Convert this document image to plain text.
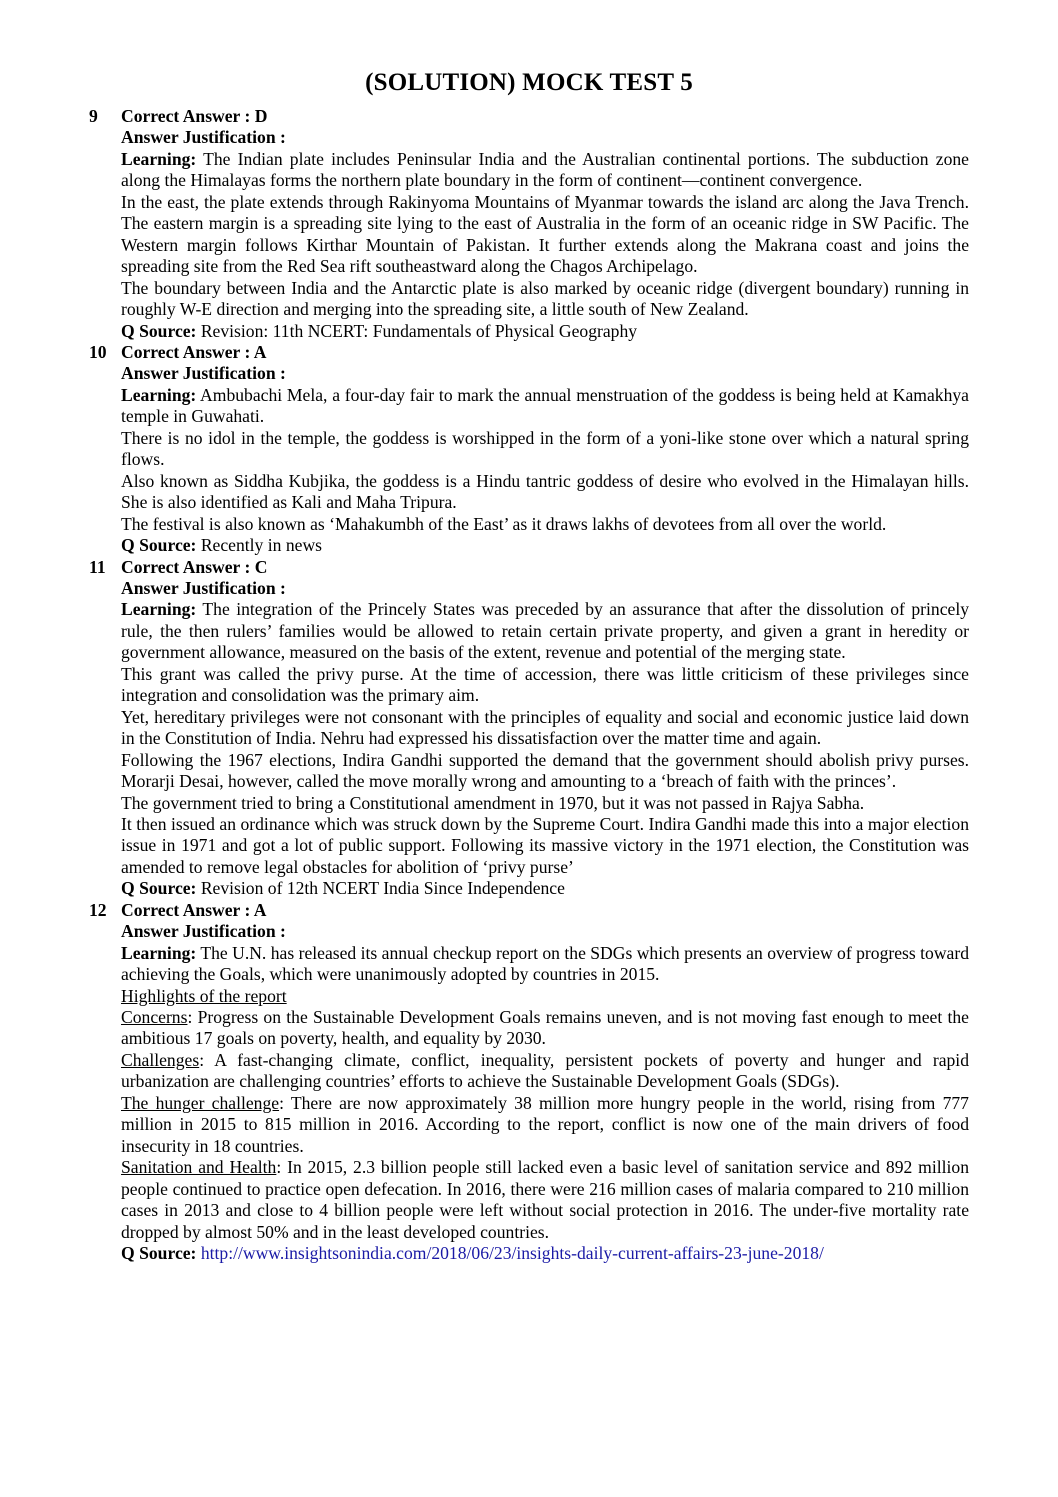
(SOLUTION) MOCK TEST 5
9	Correct Answer : D
Answer Justification :

Learning: The Indian plate includes Peninsular India and the Australian continental portions. The subduction zone along the Himalayas forms the northern plate boundary in the form of continent—continent convergence.

In the east, the plate extends through Rakinyoma Mountains of Myanmar towards the island arc along the Java Trench. The eastern margin is a spreading site lying to the east of Australia in the form of an oceanic ridge in SW Pacific. The Western margin follows Kirthar Mountain of Pakistan. It further extends along the Makrana coast and joins the spreading site from the Red Sea rift southeastward along the Chagos Archipelago.

The boundary between India and the Antarctic plate is also marked by oceanic ridge (divergent boundary) running in roughly W-E direction and merging into the spreading site, a little south of New Zealand.

Q Source: Revision: 11th NCERT: Fundamentals of Physical Geography

10 Correct Answer : A
Answer Justification :

Learning: Ambubachi Mela, a four-day fair to mark the annual menstruation of the goddess is being held at Kamakhya temple in Guwahati.

There is no idol in the temple, the goddess is worshipped in the form of a yoni-like stone over which a natural spring flows.

Also known as Siddha Kubjika, the goddess is a Hindu tantric goddess of desire who evolved in the Himalayan hills. She is also identified as Kali and Maha Tripura.

The festival is also known as ‘Mahakumbh of the East’ as it draws lakhs of devotees from all over the world.

Q Source: Recently in news

11 Correct Answer : C
Answer Justification :

Learning: The integration of the Princely States was preceded by an assurance that after the dissolution of princely rule, the then rulers’ families would be allowed to retain certain private property, and given a grant in heredity or government allowance, measured on the basis of the extent, revenue and potential of the merging state.

This grant was called the privy purse. At the time of accession, there was little criticism of these privileges since integration and consolidation was the primary aim.

Yet, hereditary privileges were not consonant with the principles of equality and social and economic justice laid down in the Constitution of India. Nehru had expressed his dissatisfaction over the matter time and again.

Following the 1967 elections, Indira Gandhi supported the demand that the government should abolish privy purses. Morarji Desai, however, called the move morally wrong and amounting to a ‘breach of faith with the princes’.

The government tried to bring a Constitutional amendment in 1970, but it was not passed in Rajya Sabha.

It then issued an ordinance which was struck down by the Supreme Court. Indira Gandhi made this into a major election issue in 1971 and got a lot of public support. Following its massive victory in the 1971 election, the Constitution was amended to remove legal obstacles for abolition of ‘privy purse’

Q Source: Revision of 12th NCERT India Since Independence

12 Correct Answer : A
Answer Justification :

Learning: The U.N. has released its annual checkup report on the SDGs which presents an overview of progress toward achieving the Goals, which were unanimously adopted by countries in 2015.

Highlights of the report

Concerns: Progress on the Sustainable Development Goals remains uneven, and is not moving fast enough to meet the ambitious 17 goals on poverty, health, and equality by 2030.

Challenges: A fast-changing climate, conflict, inequality, persistent pockets of poverty and hunger and rapid urbanization are challenging countries’ efforts to achieve the Sustainable Development Goals (SDGs).

The hunger challenge: There are now approximately 38 million more hungry people in the world, rising from 777 million in 2015 to 815 million in 2016. According to the report, conflict is now one of the main drivers of food insecurity in 18 countries.

Sanitation and Health: In 2015, 2.3 billion people still lacked even a basic level of sanitation service and 892 million people continued to practice open defecation. In 2016, there were 216 million cases of malaria compared to 210 million cases in 2013 and close to 4 billion people were left without social protection in 2016. The under-five mortality rate dropped by almost 50% and in the least developed countries.

Q Source: http://www.insightsonindia.com/2018/06/23/insights-daily-current-affairs-23-june-2018/
